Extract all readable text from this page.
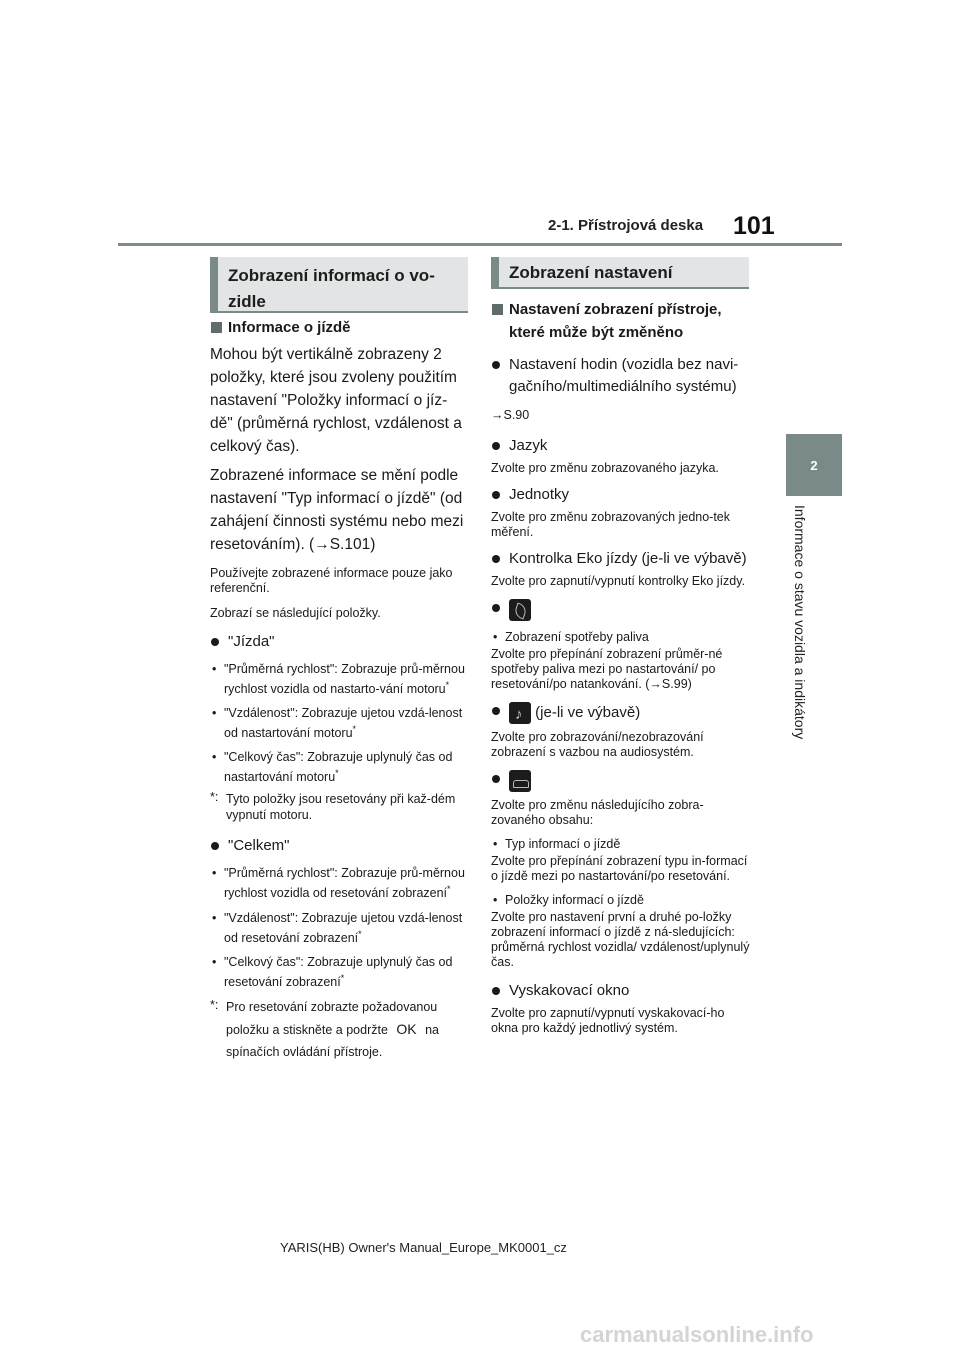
2-1. Přístrojová deska 101
2
Informace o stavu vozidla a indikátory
Zobrazení informací o vo-zidle
Zobrazení nastavení

Informace o jízdě

Mohou být vertikálně zobrazeny 2 položky, které jsou zvoleny použitím nastavení "Položky informací o jíz-dě" (průměrná rychlost, vzdálenost a celkový čas).

Zobrazené informace se mění podle nastavení "Typ informací o jízdě" (od zahájení činnosti systému nebo mezi resetováním). (→S.101)

Používejte zobrazené informace pouze jako referenční.

Zobrazí se následující položky.

"Jízda"

• "Průměrná rychlost": Zobrazuje prů-měrnou rychlost vozidla od nastarto-vání motoru*

• "Vzdálenost": Zobrazuje ujetou vzdá-lenost od nastartování motoru*

• "Celkový čas": Zobrazuje uplynulý čas od nastartování motoru*

*: Tyto položky jsou resetovány při kaž-dém vypnutí motoru.

"Celkem"

• "Průměrná rychlost": Zobrazuje prů-měrnou rychlost vozidla od resetování zobrazení*

• "Vzdálenost": Zobrazuje ujetou vzdá-lenost od resetování zobrazení*

• "Celkový čas": Zobrazuje uplynulý čas od resetování zobrazení*

*: Pro resetování zobrazte požadovanou položku a stiskněte a podržte OK na spínačích ovládání přístroje.

Nastavení zobrazení přístroje, které může být změněno

Nastavení hodin (vozidla bez navi-gačního/multimediálního systému)

→S.90

Jazyk

Zvolte pro změnu zobrazovaného jazyka.

Jednotky

Zvolte pro změnu zobrazovaných jedno-tek měření.

Kontrolka Eko jízdy (je-li ve výbavě)

Zvolte pro zapnutí/vypnutí kontrolky Eko jízdy.

• Zobrazení spotřeby paliva

Zvolte pro přepínání zobrazení průměr-né spotřeby paliva mezi po nastartování/ po resetování/po natankování. (→S.99)

♪ (je-li ve výbavě)

Zvolte pro zobrazování/nezobrazování zobrazení s vazbou na audiosystém.

Zvolte pro změnu následujícího zobra-zovaného obsahu:

• Typ informací o jízdě

Zvolte pro přepínání zobrazení typu in-formací o jízdě mezi po nastartování/po resetování.

• Položky informací o jízdě

Zvolte pro nastavení první a druhé po-ložky zobrazení informací o jízdě z ná-sledujících: průměrná rychlost vozidla/ vzdálenost/uplynulý čas.

Vyskakovací okno

Zvolte pro zapnutí/vypnutí vyskakovací-ho okna pro každý jednotlivý systém.

YARIS(HB) Owner's Manual_Europe_MK0001_cz
carmanualsonline.info
